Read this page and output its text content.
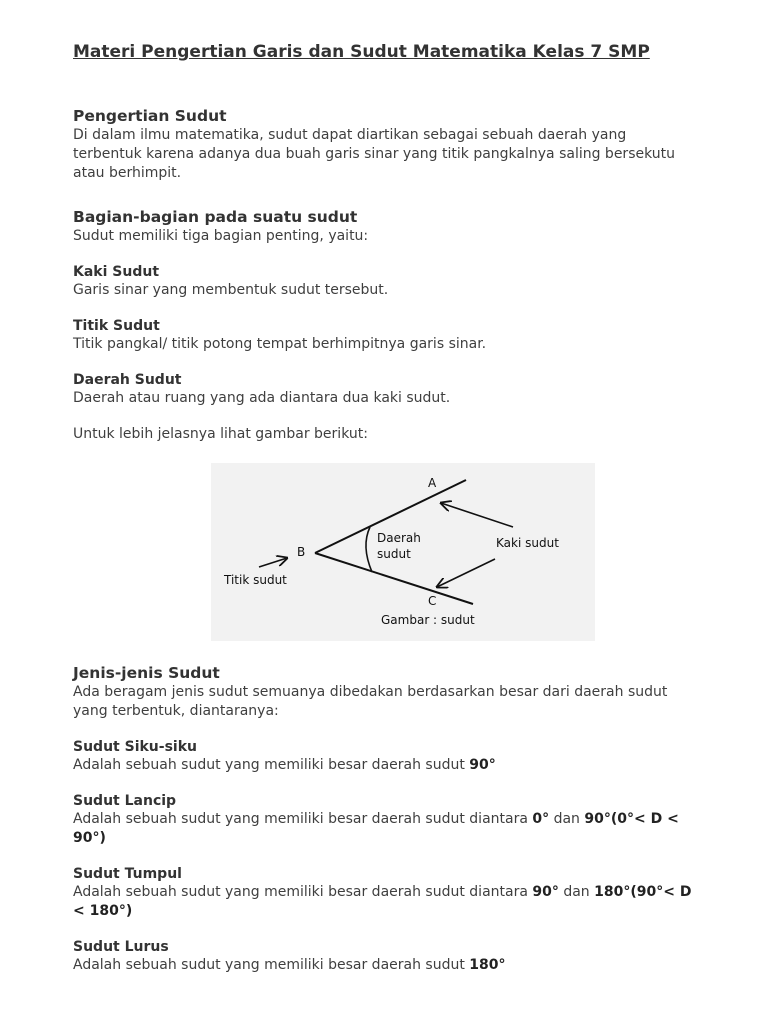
Materi Pengertian Garis dan Sudut Matematika Kelas 7 SMP
Pengertian Sudut

Di dalam ilmu matematika, sudut dapat diartikan sebagai sebuah daerah yang

terbentuk karena adanya dua buah garis sinar yang titik pangkalnya saling bersekutu

atau berhimpit.

Bagian-bagian pada suatu sudut

Sudut memiliki tiga bagian penting, yaitu:

Kaki Sudut

Garis sinar yang membentuk sudut tersebut.

Titik Sudut

Titik pangkal/ titik potong tempat berhimpitnya garis sinar.

Daerah Sudut

Daerah atau ruang yang ada diantara dua kaki sudut.

Untuk lebih jelasnya lihat gambar berikut:

Jenis-jenis Sudut

Ada beragam jenis sudut semuanya dibedakan berdasarkan besar dari daerah sudut

yang terbentuk, diantaranya:

Sudut Siku-siku

Adalah sebuah sudut yang memiliki besar daerah sudut 90°

Sudut Lancip

Adalah sebuah sudut yang memiliki besar daerah sudut diantara 0° dan 90°(0°< D <

90°)

Sudut Tumpul

Adalah sebuah sudut yang memiliki besar daerah sudut diantara 90° dan 180°(90°< D

< 180°)

Sudut Lurus

Adalah sebuah sudut yang memiliki besar daerah sudut 180°

A
B
C
Daerah
sudut
Kaki sudut
Titik sudut
Gambar : sudut
